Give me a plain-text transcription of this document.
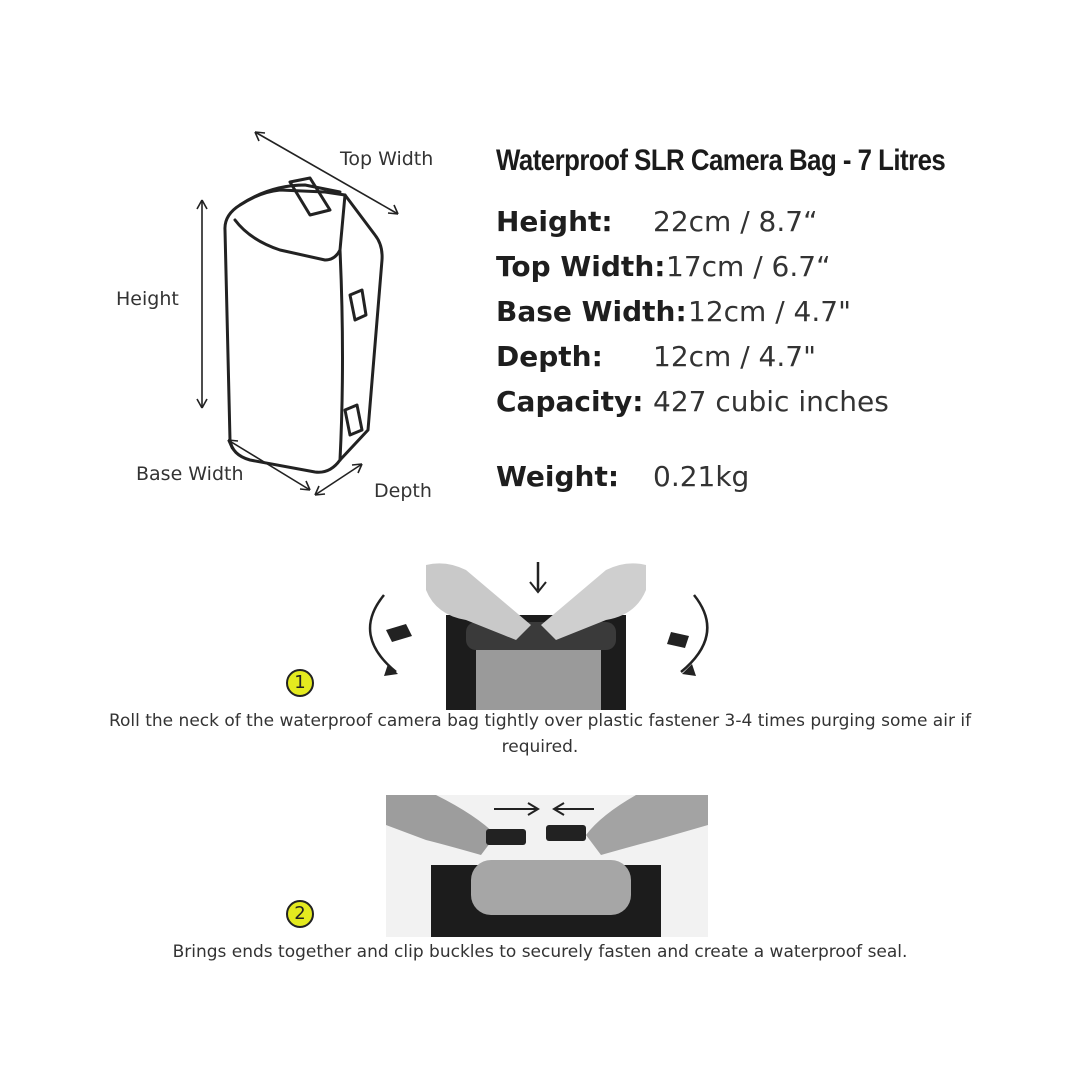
Top Width
Height
Base Width
Depth
Waterproof SLR Camera Bag - 7 Litres
Height: 22cm / 8.7“
Top Width: 17cm / 6.7“
Base Width: 12cm / 4.7"
Depth: 12cm / 4.7"
Capacity: 427 cubic inches
Weight: 0.21kg
1
Roll the neck of the waterproof camera bag tightly over plastic fastener 3-4 times purging some air if required.
2
Brings ends together and clip buckles to securely fasten and create a waterproof seal.
